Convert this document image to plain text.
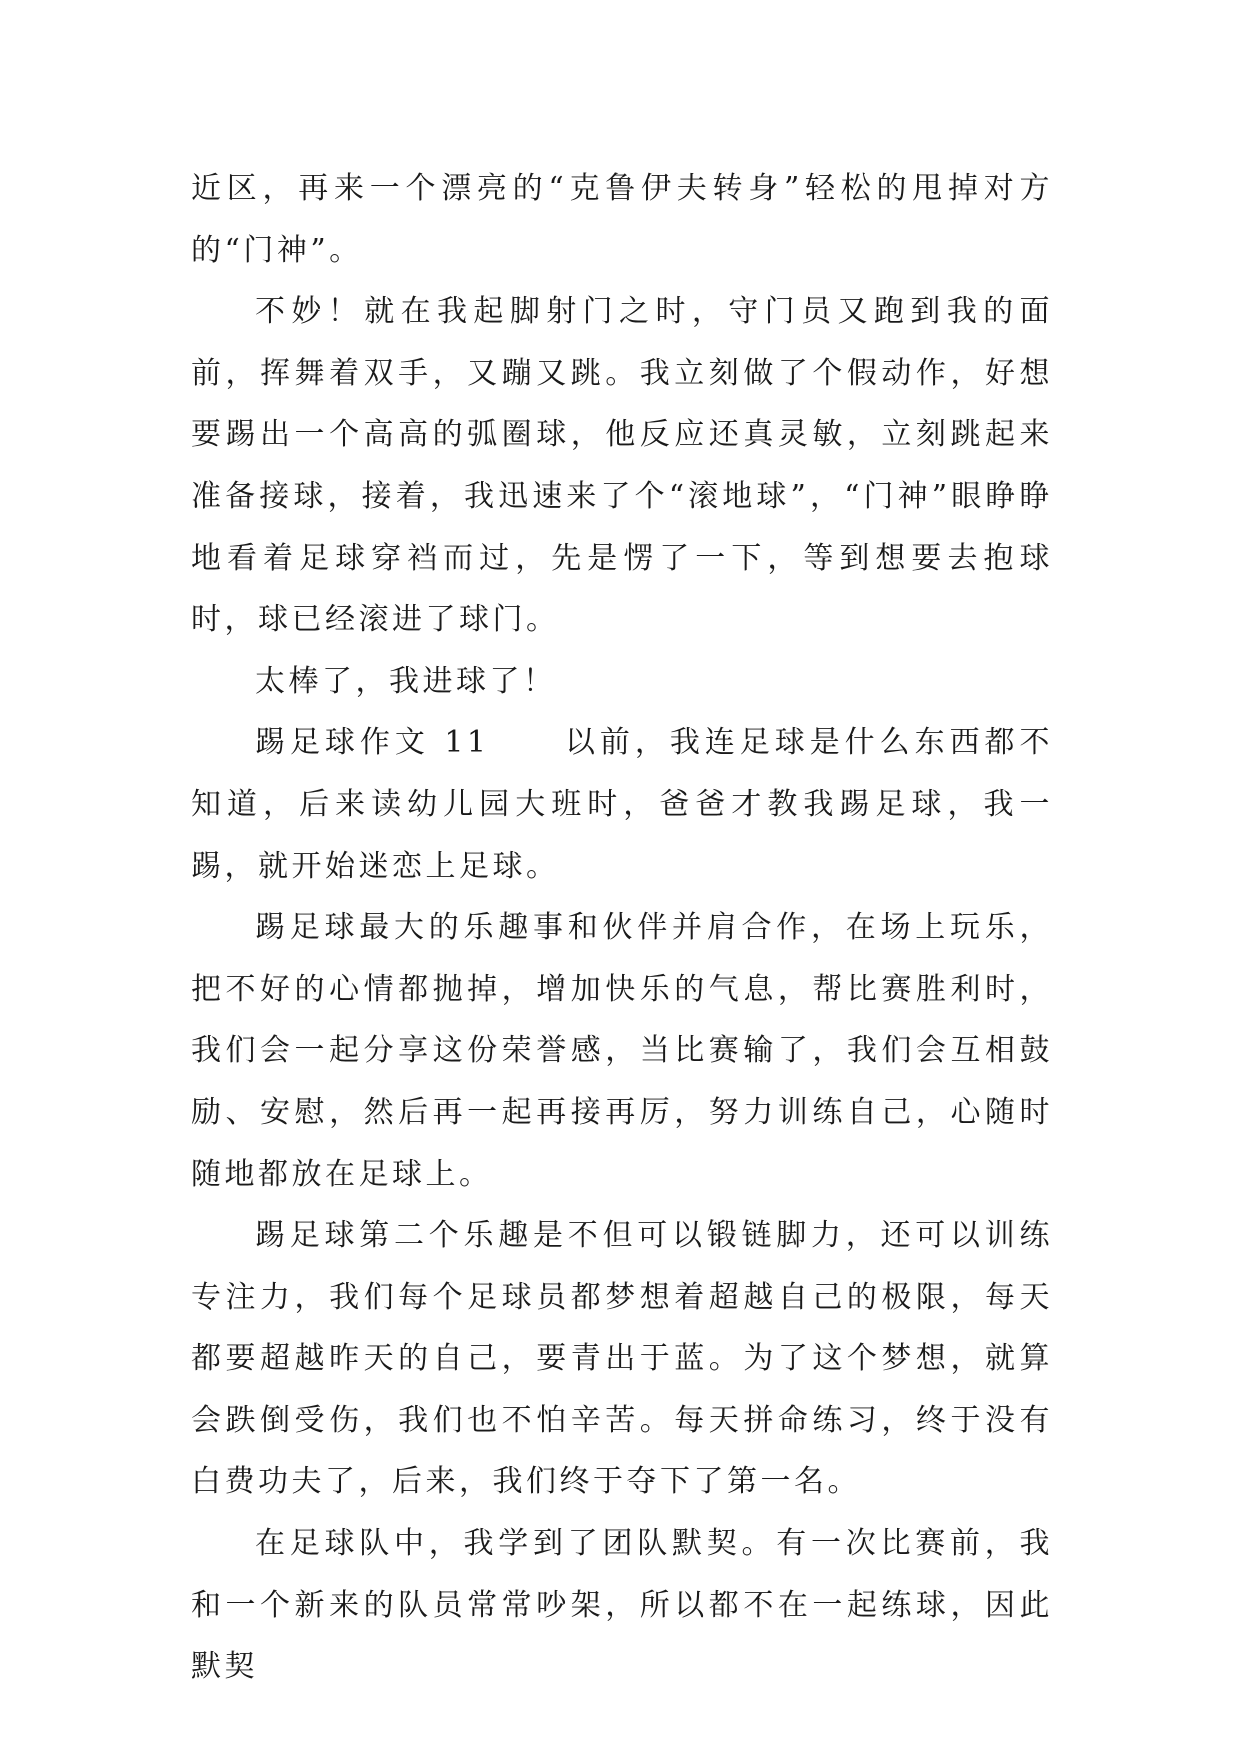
近区，再来一个漂亮的“克鲁伊夫转身”轻松的甩掉对方的“门神”。

不妙！就在我起脚射门之时，守门员又跑到我的面前，挥舞着双手，又蹦又跳。我立刻做了个假动作，好想要踢出一个高高的弧圈球，他反应还真灵敏，立刻跳起来准备接球，接着，我迅速来了个“滚地球”，“门神”眼睁睁地看着足球穿裆而过，先是愣了一下，等到想要去抱球时，球已经滚进了球门。

太棒了，我进球了！

踢足球作文 11 以前，我连足球是什么东西都不知道，后来读幼儿园大班时，爸爸才教我踢足球，我一踢，就开始迷恋上足球。

踢足球最大的乐趣事和伙伴并肩合作，在场上玩乐，把不好的心情都抛掉，增加快乐的气息，帮比赛胜利时，我们会一起分享这份荣誉感，当比赛输了，我们会互相鼓励、安慰，然后再一起再接再厉，努力训练自己，心随时随地都放在足球上。

踢足球第二个乐趣是不但可以锻链脚力，还可以训练专注力，我们每个足球员都梦想着超越自己的极限，每天都要超越昨天的自己，要青出于蓝。为了这个梦想，就算会跌倒受伤，我们也不怕辛苦。每天拼命练习，终于没有白费功夫了，后来，我们终于夺下了第一名。

在足球队中，我学到了团队默契。有一次比赛前，我和一个新来的队员常常吵架，所以都不在一起练球，因此默契
